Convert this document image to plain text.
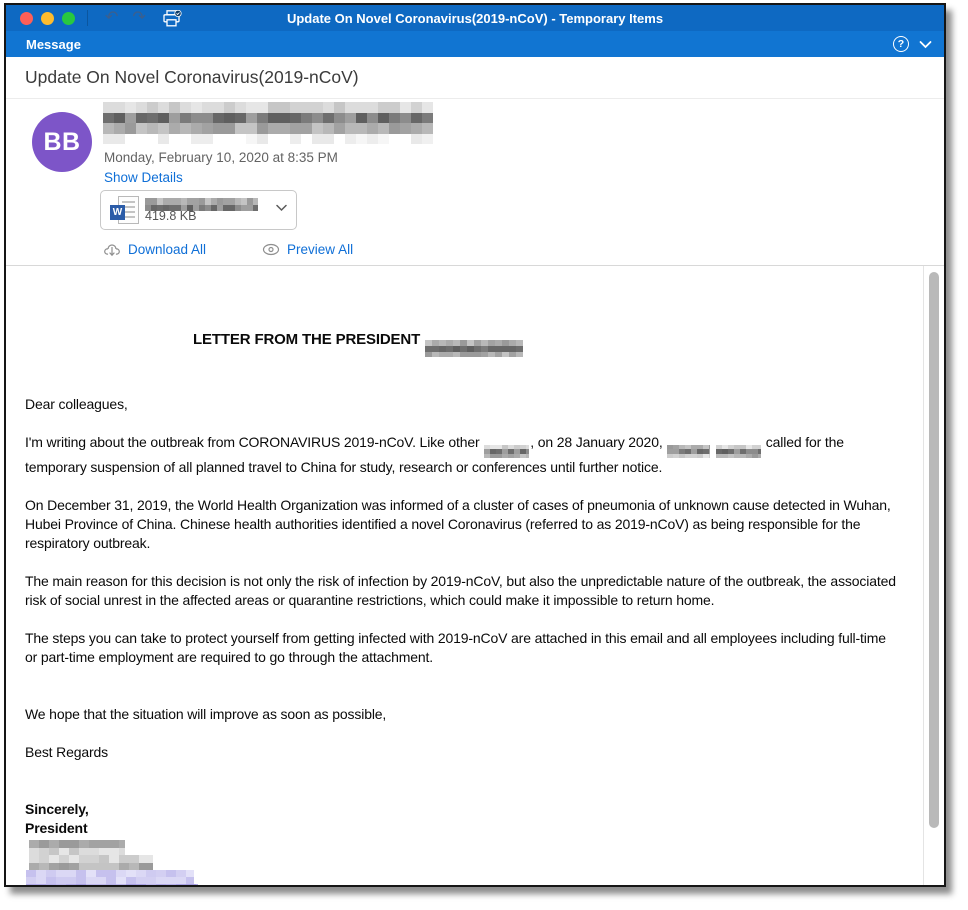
↶ ↷	Update On Novel Coronavirus(2019-nCoV) - Temporary Items
Message	?
Update On Novel Coronavirus(2019-nCoV)
BB
Monday, February 10, 2020 at 8:35 PM
Show Details
W 419.8 KB
Download All	Preview All
LETTER FROM THE PRESIDENT
Dear colleagues,
I'm writing about the outbreak from CORONAVIRUS 2019-nCoV. Like other	, on 28 January 2020,
	called for the temporary suspension of all planned travel to China for study, research or conferences until further notice.
On December 31, 2019, the World Health Organization was informed of a cluster of cases of pneumonia of unknown cause detected in Wuhan, Hubei Province of China. Chinese health authorities identified a novel Coronavirus (referred to as 2019-nCoV) as being responsible for the respiratory outbreak.
The main reason for this decision is not only the risk of infection by 2019-nCoV, but also the unpredictable nature of the outbreak, the associated risk of social unrest in the affected areas or quarantine restrictions, which could make it impossible to return home.
The steps you can take to protect yourself from getting infected with 2019-nCoV are attached in this email and all employees including full-time or part-time employment are required to go through the attachment.
We hope that the situation will improve as soon as possible,
Best Regards
Sincerely,
President
